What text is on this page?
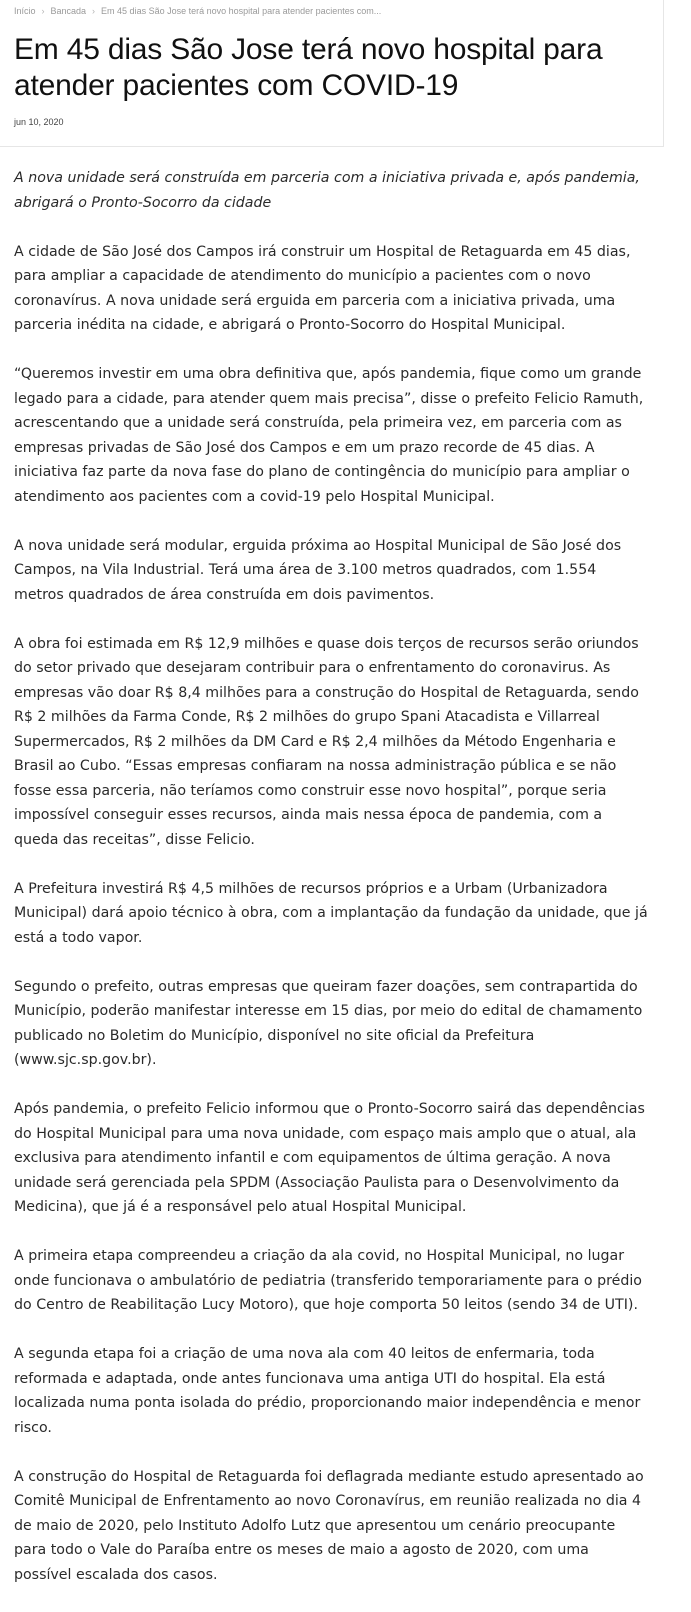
Início › Bancada › Em 45 dias São Jose terá novo hospital para atender pacientes com...
Em 45 dias São Jose terá novo hospital para atender pacientes com COVID-19
jun 10, 2020

A nova unidade será construída em parceria com a iniciativa privada e, após pandemia, abrigará o Pronto-Socorro da cidade

A cidade de São José dos Campos irá construir um Hospital de Retaguarda em 45 dias, para ampliar a capacidade de atendimento do município a pacientes com o novo coronavírus. A nova unidade será erguida em parceria com a iniciativa privada, uma parceria inédita na cidade, e abrigará o Pronto-Socorro do Hospital Municipal.

“Queremos investir em uma obra definitiva que, após pandemia, fique como um grande legado para a cidade, para atender quem mais precisa”, disse o prefeito Felicio Ramuth, acrescentando que a unidade será construída, pela primeira vez, em parceria com as empresas privadas de São José dos Campos e em um prazo recorde de 45 dias. A iniciativa faz parte da nova fase do plano de contingência do município para ampliar o atendimento aos pacientes com a covid-19 pelo Hospital Municipal.

A nova unidade será modular, erguida próxima ao Hospital Municipal de São José dos Campos, na Vila Industrial. Terá uma área de 3.100 metros quadrados, com 1.554 metros quadrados de área construída em dois pavimentos.

A obra foi estimada em R$ 12,9 milhões e quase dois terços de recursos serão oriundos do setor privado que desejaram contribuir para o enfrentamento do coronavirus. As empresas vão doar R$ 8,4 milhões para a construção do Hospital de Retaguarda, sendo R$ 2 milhões da Farma Conde, R$ 2 milhões do grupo Spani Atacadista e Villarreal Supermercados, R$ 2 milhões da DM Card e R$ 2,4 milhões da Método Engenharia e Brasil ao Cubo. “Essas empresas confiaram na nossa administração pública e se não fosse essa parceria, não teríamos como construir esse novo hospital”, porque seria impossível conseguir esses recursos, ainda mais nessa época de pandemia, com a queda das receitas”, disse Felicio.

A Prefeitura investirá R$ 4,5 milhões de recursos próprios e a Urbam (Urbanizadora Municipal) dará apoio técnico à obra, com a implantação da fundação da unidade, que já está a todo vapor.

Segundo o prefeito, outras empresas que queiram fazer doações, sem contrapartida do Município, poderão manifestar interesse em 15 dias, por meio do edital de chamamento publicado no Boletim do Município, disponível no site oficial da Prefeitura (www.sjc.sp.gov.br).

Após pandemia, o prefeito Felicio informou que o Pronto-Socorro sairá das dependências do Hospital Municipal para uma nova unidade, com espaço mais amplo que o atual, ala exclusiva para atendimento infantil e com equipamentos de última geração. A nova unidade será gerenciada pela SPDM (Associação Paulista para o Desenvolvimento da Medicina), que já é a responsável pelo atual Hospital Municipal.

A primeira etapa compreendeu a criação da ala covid, no Hospital Municipal, no lugar onde funcionava o ambulatório de pediatria (transferido temporariamente para o prédio do Centro de Reabilitação Lucy Motoro), que hoje comporta 50 leitos (sendo 34 de UTI).

A segunda etapa foi a criação de uma nova ala com 40 leitos de enfermaria, toda reformada e adaptada, onde antes funcionava uma antiga UTI do hospital. Ela está localizada numa ponta isolada do prédio, proporcionando maior independência e menor risco.

A construção do Hospital de Retaguarda foi deflagrada mediante estudo apresentado ao Comitê Municipal de Enfrentamento ao novo Coronavírus, em reunião realizada no dia 4 de maio de 2020, pelo Instituto Adolfo Lutz que apresentou um cenário preocupante para todo o Vale do Paraíba entre os meses de maio a agosto de 2020, com uma possível escalada dos casos.
